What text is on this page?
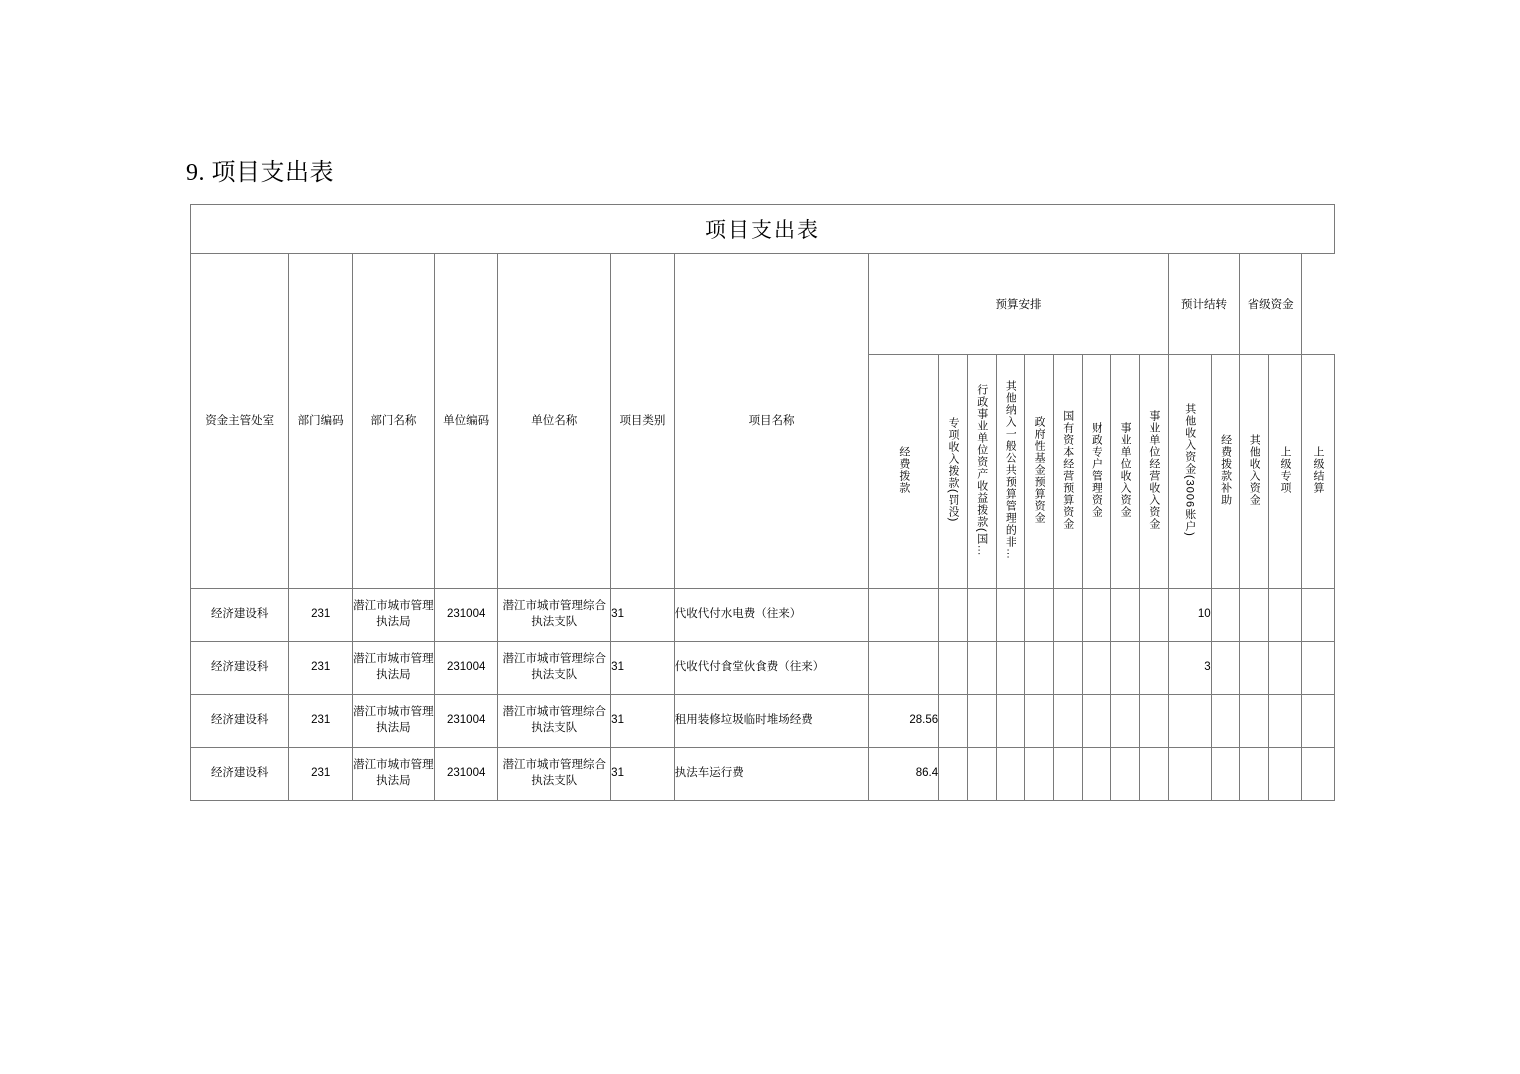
9. 项目支出表
项目支出表																				
资金主管处室	部门编码	部门名称	单位编码	单位名称	项目类别	项目名称	预算安排									预计结转		省级资金		
							经费拨款	专项收入拨款(罚没)	行政事业单位资产收益拨款(国…	其他纳入一般公共预算管理的非…	政府性基金预算资金	国有资本经营预算资金	财政专户管理资金	事业单位收入资金	事业单位经营收入资金	其他收入资金(3006账户)	经费拨款补助	其他收入资金	上级专项	上级结算
经济建设科	231	潜江市城市管理执法局	231004	潜江市城市管理综合执法支队	31	代收代付水电费（往来）										10				
经济建设科	231	潜江市城市管理执法局	231004	潜江市城市管理综合执法支队	31	代收代付食堂伙食费（往来）										3				
经济建设科	231	潜江市城市管理执法局	231004	潜江市城市管理综合执法支队	31	租用装修垃圾临时堆场经费	28.56													
经济建设科	231	潜江市城市管理执法局	231004	潜江市城市管理综合执法支队	31	执法车运行费	86.4													
